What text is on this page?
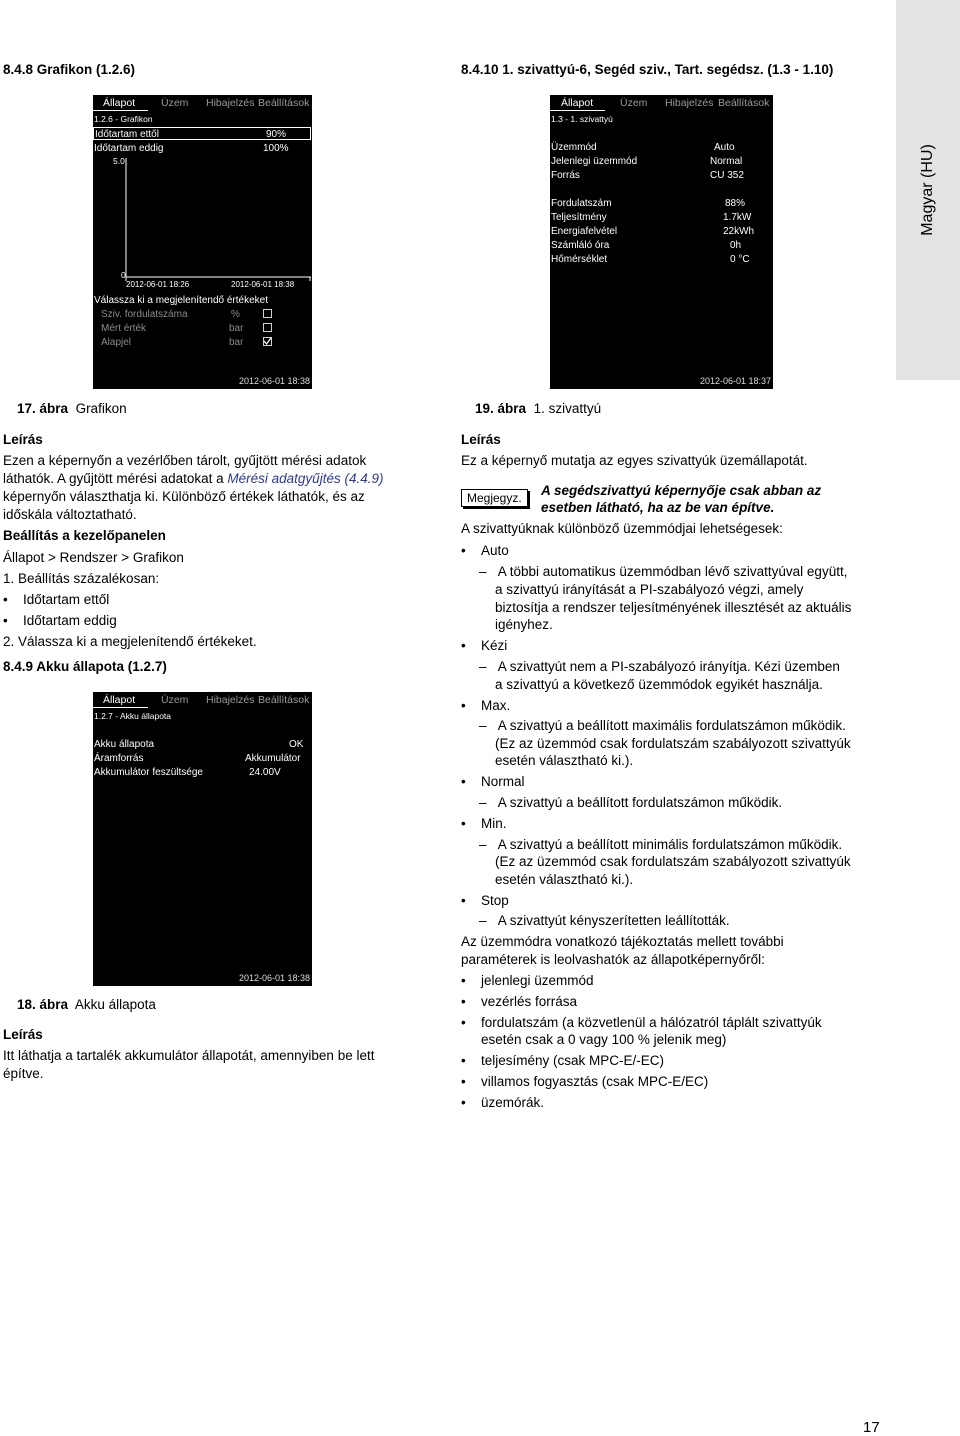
Magyar (HU)
8.4.8 Grafikon (1.2.6)
Állapot Üzem Hibajelzés Beállítások
1.2.6 - Grafikon
Időtartam ettől	90%
Időtartam eddig	100%
5.0
0
2012-06-01 18:26	2012-06-01 18:38
Válassza ki a megjelenítendő értékeket
Sziv. fordulatszáma	%
Mért érték	bar
Alapjel	bar
2012-06-01 18:38
17. ábra Grafikon
Leírás
Ezen a képernyőn a vezérlőben tárolt, gyűjtött mérési adatok
láthatók. A gyűjtött mérési adatokat a Mérési adatgyűjtés (4.4.9)
képernyőn választhatja ki. Különböző értékek láthatók, és az
időskála változtatható.
Beállítás a kezelőpanelen
Állapot > Rendszer > Grafikon
1. Beállítás százalékosan:
• Időtartam ettől
• Időtartam eddig
2. Válassza ki a megjelenítendő értékeket.
8.4.9 Akku állapota (1.2.7)
Állapot Üzem Hibajelzés Beállítások
1.2.7 - Akku állapota
Akku állapota	OK
Áramforrás	Akkumulátor
Akkumulátor feszültsége	24.00V
2012-06-01 18:38
18. ábra Akku állapota
Leírás
Itt láthatja a tartalék akkumulátor állapotát, amennyiben be lett
építve.
8.4.10 1. szivattyú-6, Segéd sziv., Tart. segédsz. (1.3 - 1.10)
Állapot	Üzem Hibajelzés Beállítások
1.3 - 1. szivattyú
Üzemmód	Auto
Jelenlegi üzemmód	Normal
Forrás	CU 352
Fordulatszám	88%
Teljesítmény	1.7kW
Energiafelvétel	22kWh
Számláló óra	0h
Hőmérséklet	0 °C
2012-06-01 18:37
19. ábra 1. szivattyú
Leírás
Ez a képernyő mutatja az egyes szivattyúk üzemállapotát.
Megjegyz.	A segédszivattyú képernyője csak abban az
esetben látható, ha az be van építve.
A szivattyúknak különböző üzemmódjai lehetségesek:
• Auto
–   A többi automatikus üzemmódban lévő szivattyúval együtt,
a szivattyú irányítását a PI-szabályozó végzi, amely
biztosítja a rendszer teljesítményének illesztését az aktuális
igényhez.
• Kézi
–   A szivattyút nem a PI-szabályozó irányítja. Kézi üzemben
a szivattyú a következő üzemmódok egyikét használja.
• Max.
–   A szivattyú a beállított maximális fordulatszámon működik.
(Ez az üzemmód csak fordulatszám szabályozott szivattyúk
esetén választható ki.).
• Normal
–   A szivattyú a beállított fordulatszámon működik.
• Min.
–   A szivattyú a beállított minimális fordulatszámon működik.
(Ez az üzemmód csak fordulatszám szabályozott szivattyúk
esetén választható ki.).
• Stop
–   A szivattyút kényszerítetten leállították.
Az üzemmódra vonatkozó tájékoztatás mellett további
paraméterek is leolvashatók az állapotképernyőről:
• jelenlegi üzemmód
• vezérlés forrása
• fordulatszám (a közvetlenül a hálózatról táplált szivattyúk
esetén csak a 0 vagy 100 % jelenik meg)
• teljesímény (csak MPC-E/-EC)
• villamos fogyasztás (csak MPC-E/EC)
• üzemórák.
17
